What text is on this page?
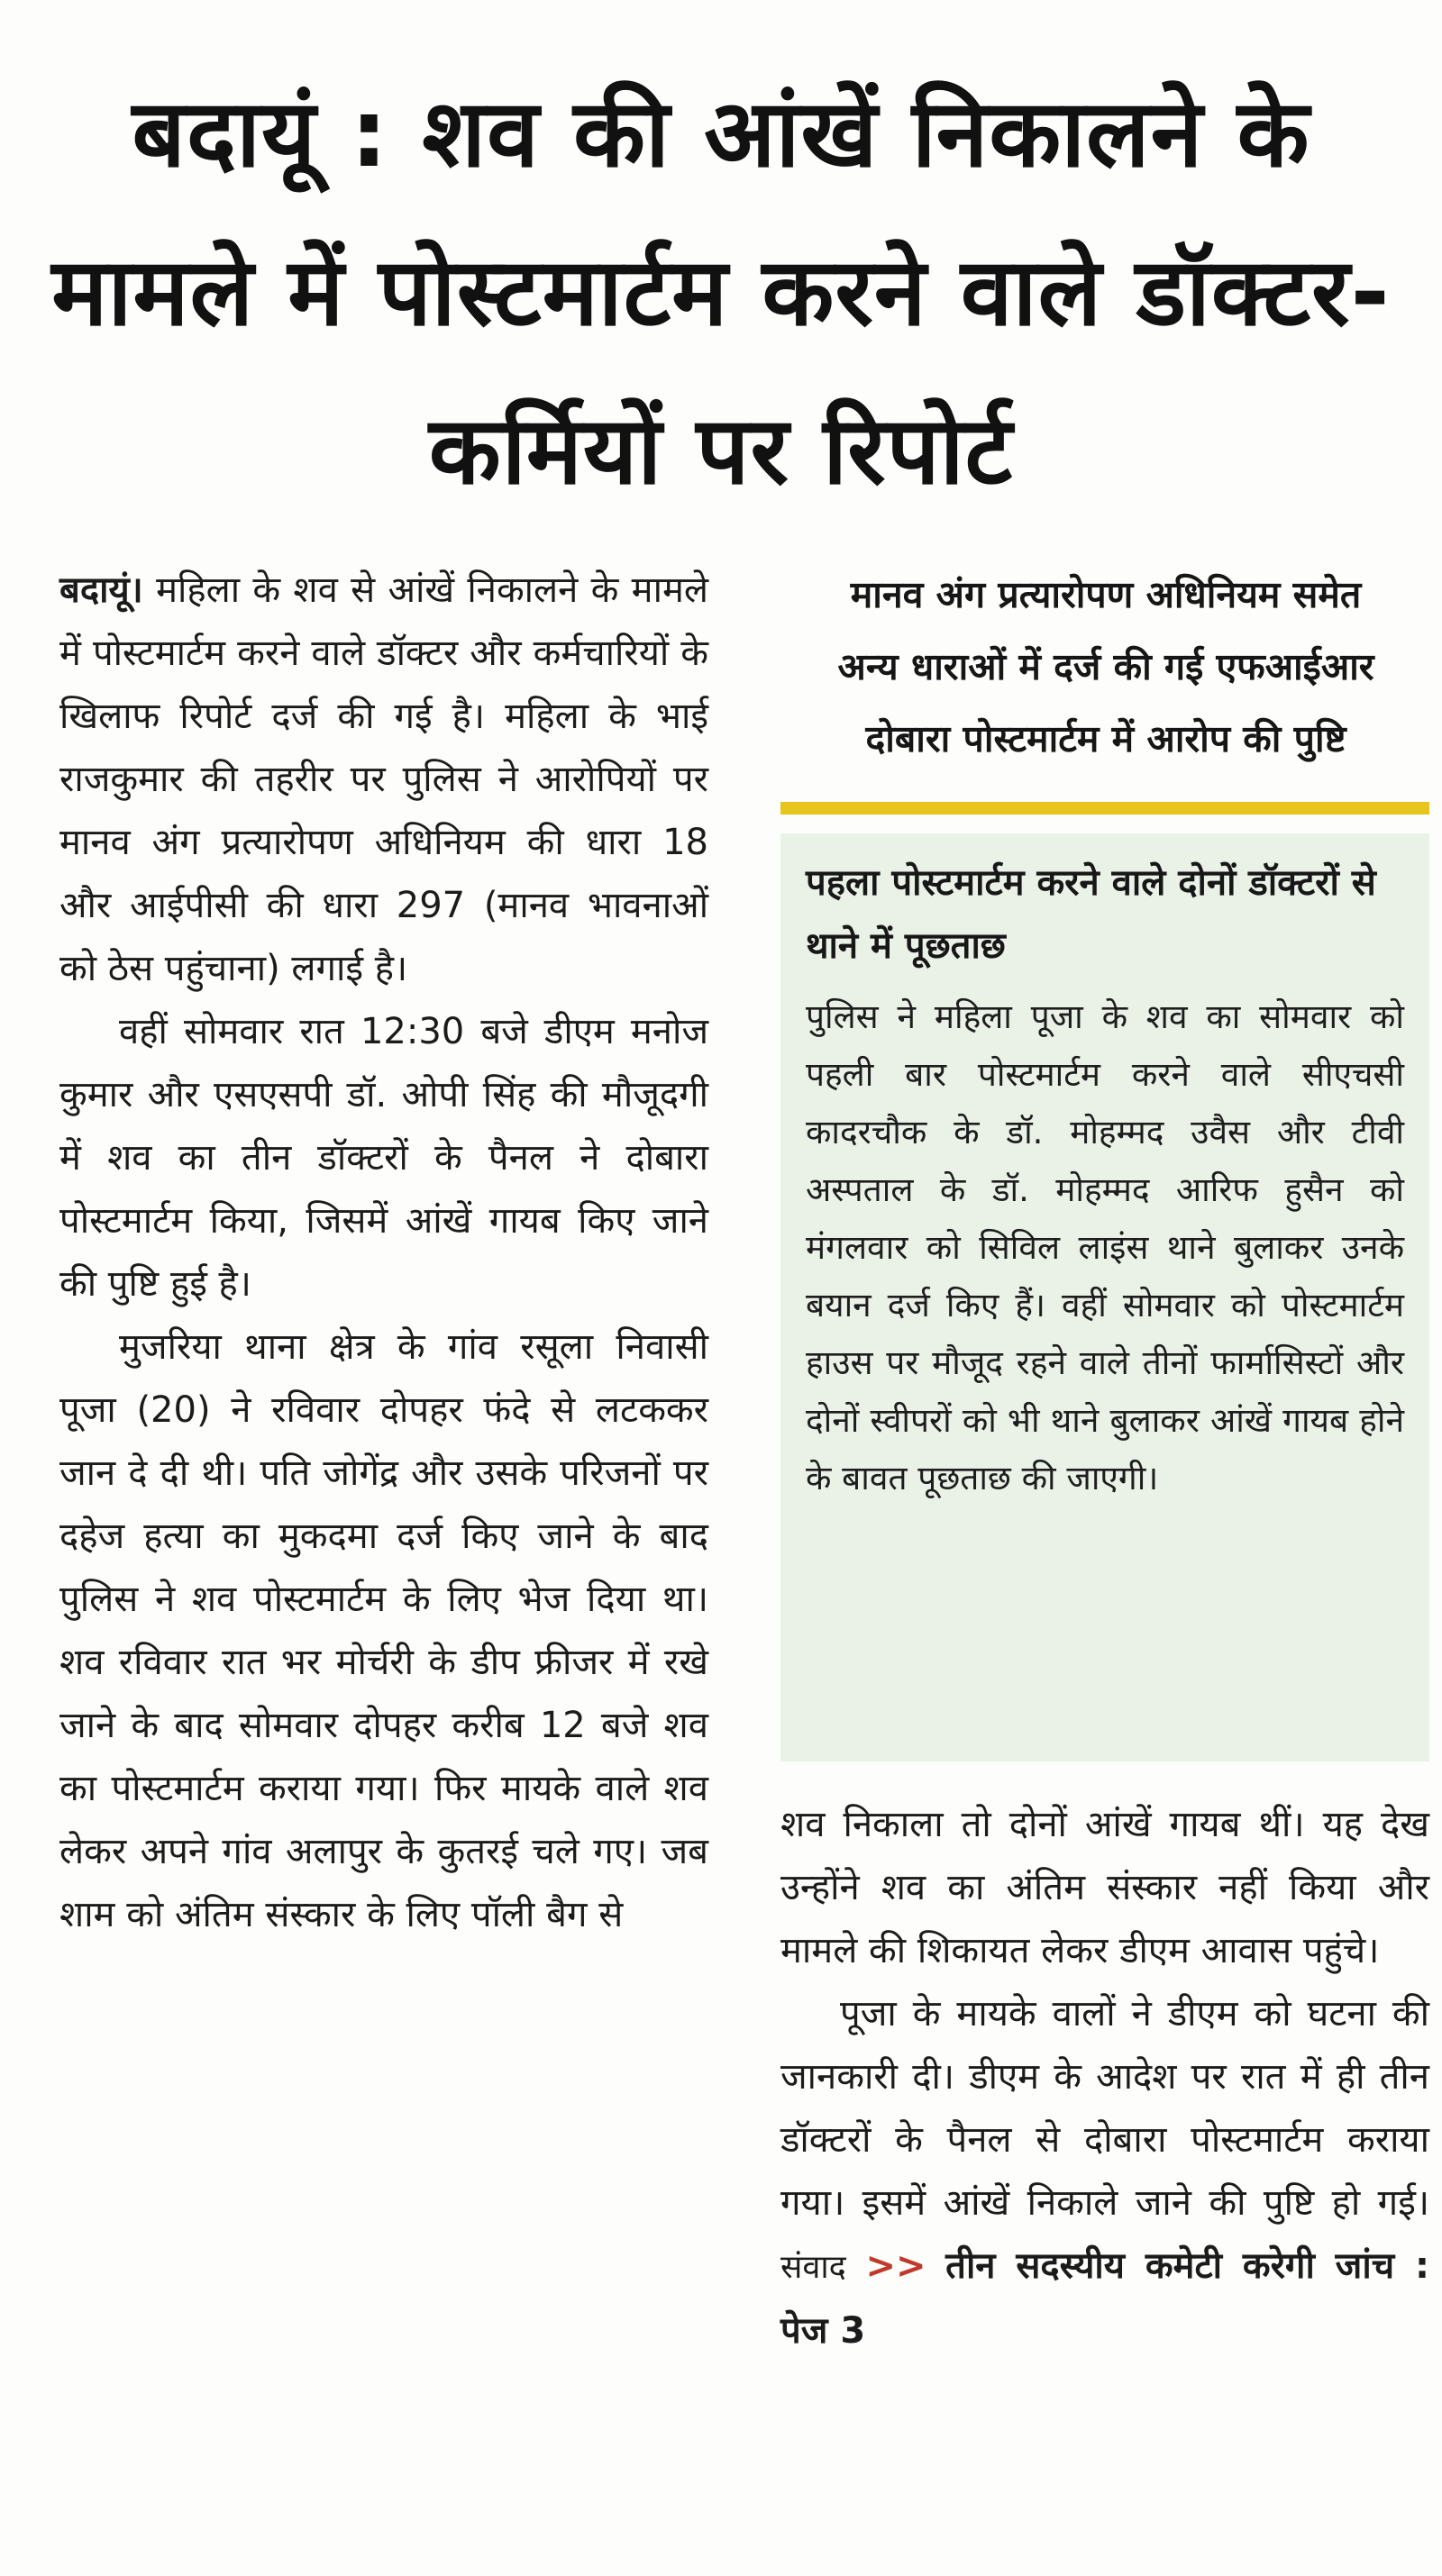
बदायूं : शव की आंखें निकालने के मामले में पोस्टमार्टम करने वाले डॉक्टर-कर्मियों पर रिपोर्ट

बदायूं। महिला के शव से आंखें निकालने के मामले में पोस्टमार्टम करने वाले डॉक्टर और कर्मचारियों के खिलाफ रिपोर्ट दर्ज की गई है। महिला के भाई राजकुमार की तहरीर पर पुलिस ने आरोपियों पर मानव अंग प्रत्यारोपण अधिनियम की धारा 18 और आईपीसी की धारा 297 (मानव भावनाओं को ठेस पहुंचाना) लगाई है।

वहीं सोमवार रात 12:30 बजे डीएम मनोज कुमार और एसएसपी डॉ. ओपी सिंह की मौजूदगी में शव का तीन डॉक्टरों के पैनल ने दोबारा पोस्टमार्टम किया, जिसमें आंखें गायब किए जाने की पुष्टि हुई है।

मुजरिया थाना क्षेत्र के गांव रसूला निवासी पूजा (20) ने रविवार दोपहर फंदे से लटककर जान दे दी थी। पति जोगेंद्र और उसके परिजनों पर दहेज हत्या का मुकदमा दर्ज किए जाने के बाद पुलिस ने शव पोस्टमार्टम के लिए भेज दिया था। शव रविवार रात भर मोर्चरी के डीप फ्रीजर में रखे जाने के बाद सोमवार दोपहर करीब 12 बजे शव का पोस्टमार्टम कराया गया। फिर मायके वाले शव लेकर अपने गांव अलापुर के कुतरई चले गए। जब शाम को अंतिम संस्कार के लिए पॉली बैग से

मानव अंग प्रत्यारोपण अधिनियम समेत
अन्य धाराओं में दर्ज की गई एफआईआर
दोबारा पोस्टमार्टम में आरोप की पुष्टि
पहला पोस्टमार्टम करने वाले दोनों डॉक्टरों से थाने में पूछताछ
पुलिस ने महिला पूजा के शव का सोमवार को पहली बार पोस्टमार्टम करने वाले सीएचसी कादरचौक के डॉ. मोहम्मद उवैस और टीवी अस्पताल के डॉ. मोहम्मद आरिफ हुसैन को मंगलवार को सिविल लाइंस थाने बुलाकर उनके बयान दर्ज किए हैं। वहीं सोमवार को पोस्टमार्टम हाउस पर मौजूद रहने वाले तीनों फार्मासिस्टों और दोनों स्वीपरों को भी थाने बुलाकर आंखें गायब होने के बावत पूछताछ की जाएगी।

शव निकाला तो दोनों आंखें गायब थीं। यह देख उन्होंने शव का अंतिम संस्कार नहीं किया और मामले की शिकायत लेकर डीएम आवास पहुंचे।

पूजा के मायके वालों ने डीएम को घटना की जानकारी दी। डीएम के आदेश पर रात में ही तीन डॉक्टरों के पैनल से दोबारा पोस्टमार्टम कराया गया। इसमें आंखें निकाले जाने की पुष्टि हो गई। संवाद >> तीन सदस्यीय कमेटी करेगी जांच : पेज 3
